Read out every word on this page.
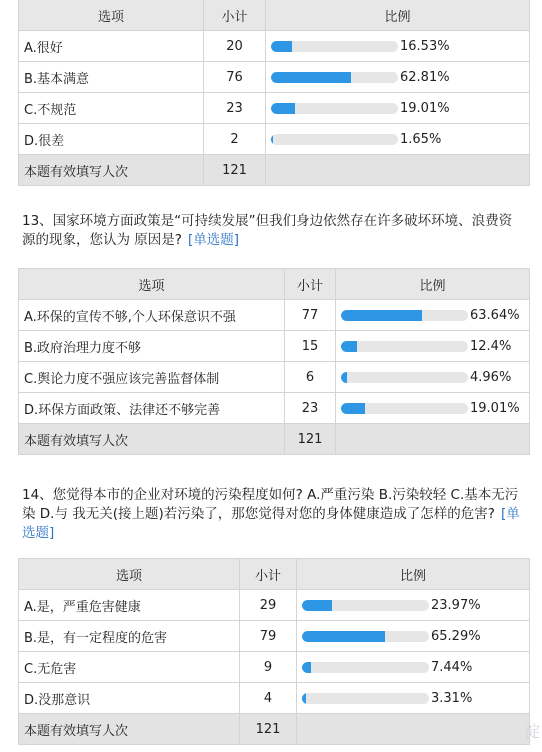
选项	小计	比例
A.很好	20	16.53%

B.基本满意	76	62.81%

C.不规范	23	19.01%

D.很差	2	1.65%

本题有效填写人次	121	
13、国家环境方面政策是“可持续发展”但我们身边依然存在许多破坏环境、浪费资源的现象，您认为 原因是? [单选题]
选项	小计	比例
A.环保的宣传不够,个人环保意识不强	77	63.64%

B.政府治理力度不够	15	12.4%

C.舆论力度不强应该完善监督体制	6	4.96%

D.环保方面政策、法律还不够完善	23	19.01%

本题有效填写人次	121	
14、您觉得本市的企业对环境的污染程度如何? A.严重污染 B.污染较轻 C.基本无污染 D.与 我无关(接上题)若污染了，那您觉得对您的身体健康造成了怎样的危害? [单选题]
选项	小计	比例
A.是，严重危害健康	29	23.97%

B.是，有一定程度的危害	79	65.29%

C.无危害	9	7.44%

D.没那意识	4	3.31%

本题有效填写人次	121		淀
